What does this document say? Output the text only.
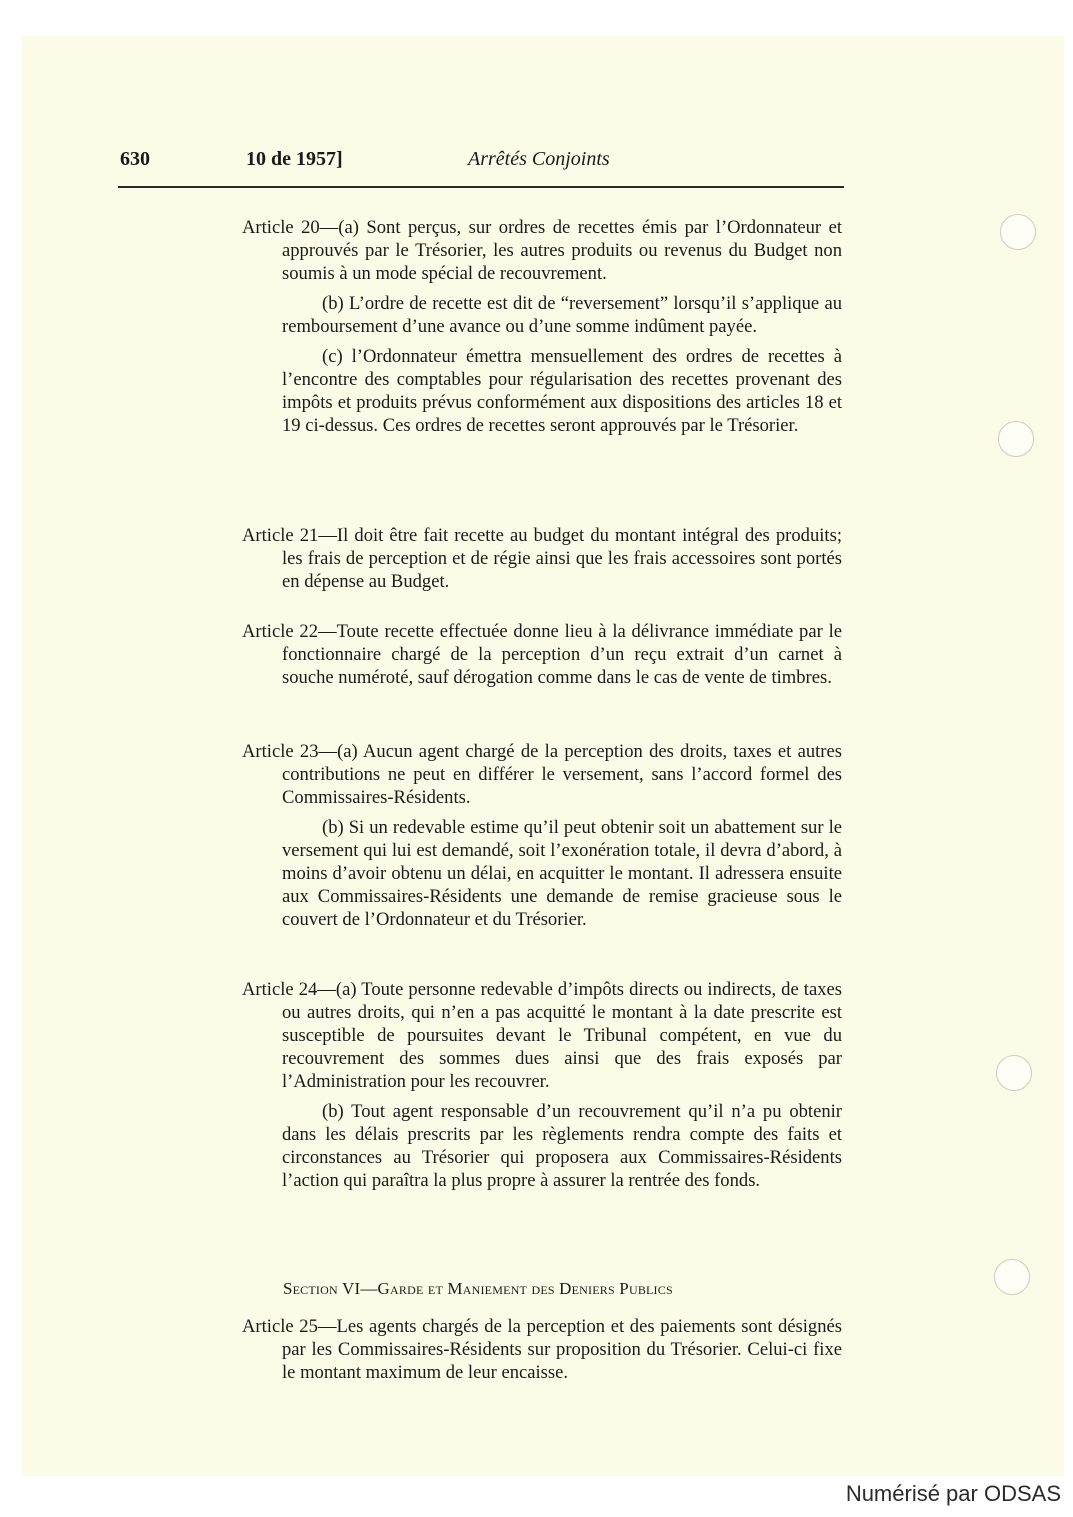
630	10 de 1957]	Arrêtés Conjoints

Article 20—(a) Sont perçus, sur ordres de recettes émis par l’Ordonnateur et approuvés par le Trésorier, les autres produits ou revenus du Budget non soumis à un mode spécial de recouvrement.

(b) L’ordre de recette est dit de “reversement” lorsqu’il s’applique au remboursement d’une avance ou d’une somme indûment payée.

(c) l’Ordonnateur émettra mensuellement des ordres de recettes à l’encontre des comptables pour régularisation des recettes provenant des impôts et produits prévus conformément aux dispositions des articles 18 et 19 ci-dessus. Ces ordres de recettes seront approuvés par le Trésorier.

Article 21—Il doit être fait recette au budget du montant intégral des produits; les frais de perception et de régie ainsi que les frais accessoires sont portés en dépense au Budget.

Article 22—Toute recette effectuée donne lieu à la délivrance immédiate par le fonctionnaire chargé de la perception d’un reçu extrait d’un carnet à souche numéroté, sauf dérogation comme dans le cas de vente de timbres.

Article 23—(a) Aucun agent chargé de la perception des droits, taxes et autres contributions ne peut en différer le versement, sans l’accord formel des Commissaires-Résidents.

(b) Si un redevable estime qu’il peut obtenir soit un abattement sur le versement qui lui est demandé, soit l’exonération totale, il devra d’abord, à moins d’avoir obtenu un délai, en acquitter le montant. Il adressera ensuite aux Commissaires-Résidents une demande de remise gracieuse sous le couvert de l’Ordonnateur et du Trésorier.

Article 24—(a) Toute personne redevable d’impôts directs ou indirects, de taxes ou autres droits, qui n’en a pas acquitté le montant à la date prescrite est susceptible de poursuites devant le Tribunal compétent, en vue du recouvrement des sommes dues ainsi que des frais exposés par l’Administration pour les recouvrer.

(b) Tout agent responsable d’un recouvrement qu’il n’a pu obtenir dans les délais prescrits par les règlements rendra compte des faits et circonstances au Trésorier qui proposera aux Commissaires-Résidents l’action qui paraîtra la plus propre à assurer la rentrée des fonds.

Section VI—Garde et Maniement des Deniers Publics

Article 25—Les agents chargés de la perception et des paiements sont désignés par les Commissaires-Résidents sur proposition du Trésorier. Celui-ci fixe le montant maximum de leur encaisse.

Numérisé par ODSAS
